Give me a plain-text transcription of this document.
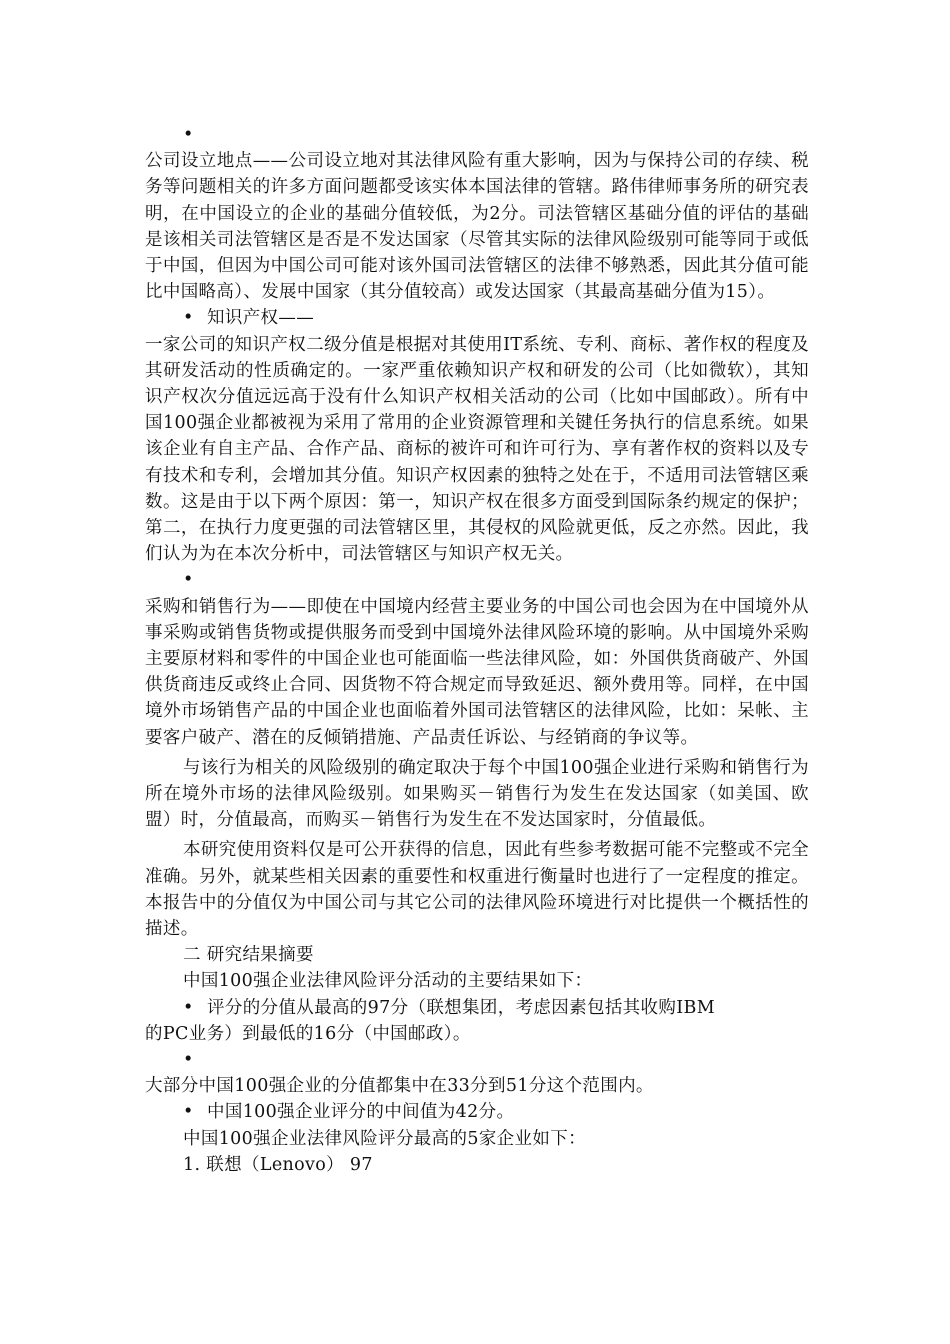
•

公司设立地点——公司设立地对其法律风险有重大影响，因为与保持公司的存续、税务等问题相关的许多方面问题都受该实体本国法律的管辖。路伟律师事务所的研究表明，在中国设立的企业的基础分值较低，为2分。司法管辖区基础分值的评估的基础是该相关司法管辖区是否是不发达国家（尽管其实际的法律风险级别可能等同于或低于中国，但因为中国公司可能对该外国司法管辖区的法律不够熟悉，因此其分值可能比中国略高）、发展中国家（其分值较高）或发达国家（其最高基础分值为15）。

• 知识产权——

一家公司的知识产权二级分值是根据对其使用IT系统、专利、商标、著作权的程度及其研发活动的性质确定的。一家严重依赖知识产权和研发的公司（比如微软），其知识产权次分值远远高于没有什么知识产权相关活动的公司（比如中国邮政）。所有中国100强企业都被视为采用了常用的企业资源管理和关键任务执行的信息系统。如果该企业有自主产品、合作产品、商标的被许可和许可行为、享有著作权的资料以及专有技术和专利，会增加其分值。知识产权因素的独特之处在于，不适用司法管辖区乘数。这是由于以下两个原因：第一，知识产权在很多方面受到国际条约规定的保护；第二，在执行力度更强的司法管辖区里，其侵权的风险就更低，反之亦然。因此，我们认为为在本次分析中，司法管辖区与知识产权无关。

•

采购和销售行为——即使在中国境内经营主要业务的中国公司也会因为在中国境外从事采购或销售货物或提供服务而受到中国境外法律风险环境的影响。从中国境外采购主要原材料和零件的中国企业也可能面临一些法律风险，如：外国供货商破产、外国供货商违反或终止合同、因货物不符合规定而导致延迟、额外费用等。同样，在中国境外市场销售产品的中国企业也面临着外国司法管辖区的法律风险，比如：呆帐、主要客户破产、潜在的反倾销措施、产品责任诉讼、与经销商的争议等。

与该行为相关的风险级别的确定取决于每个中国100强企业进行采购和销售行为所在境外市场的法律风险级别。如果购买－销售行为发生在发达国家（如美国、欧盟）时，分值最高，而购买－销售行为发生在不发达国家时，分值最低。

本研究使用资料仅是可公开获得的信息，因此有些参考数据可能不完整或不完全准确。另外，就某些相关因素的重要性和权重进行衡量时也进行了一定程度的推定。本报告中的分值仅为中国公司与其它公司的法律风险环境进行对比提供一个概括性的描述。

二 研究结果摘要
中国100强企业法律风险评分活动的主要结果如下：
• 评分的分值从最高的97分（联想集团，考虑因素包括其收购IBM

的PC业务）到最低的16分（中国邮政）。

•

大部分中国100强企业的分值都集中在33分到51分这个范围内。

• 中国100强企业评分的中间值为42分。
中国100强企业法律风险评分最高的5家企业如下：
1. 联想（Lenovo） 97
